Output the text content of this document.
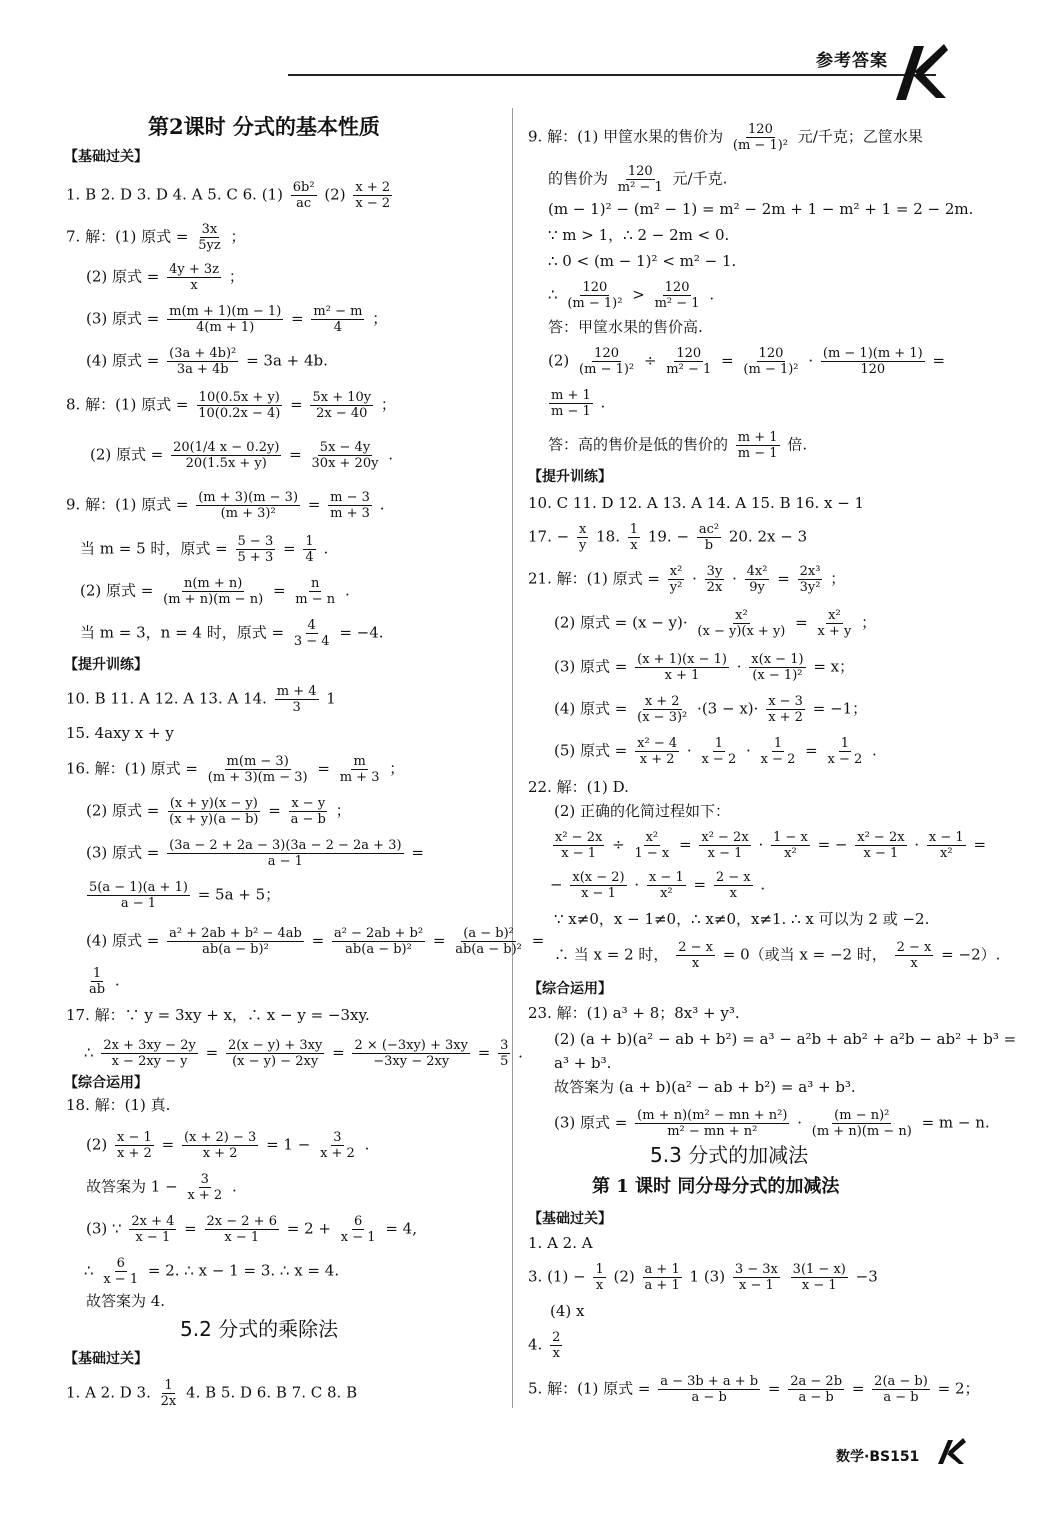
参考答案
第2课时 分式的基本性质
【基础过关】
1. B 2. D 3. D 4. A 5. C 6. $(1) \frac{\text{6b²}}{ac} (2) \frac{x + 2}{x - 2}$
7. 解：(1) 原式 = $\frac{3x}{5yz}$ ；
(2) 原式 = $\frac{4y + 3z}{x}$ ；
(3) 原式 = $\frac{m(m + 1)(m - 1)}{4(m + 1)} = \frac{\text{m² − m}}{4}$ ；
(4) 原式 = $\frac{\text{(3a + 4b)²}}{3a + 4b} = 3a + 4b$.
8. 解：(1) 原式 = $\frac{10(0.5x + y)}{10(0.2x - 4)} = \frac{5x + 10y}{2x - 40}$ ；
(2) 原式 = $\frac{20(1/4 x - 0.2y)}{20(1.5x + y)} = \frac{5x - 4y}{30x + 20y}$ .
9. 解：(1) 原式 = $\frac{(m + 3)(m - 3)}{\text{(m + 3)²}} = \frac{m - 3}{m + 3}$ .
当 m = 5 时，原式 = $\frac{5 - 3}{5 + 3} = \frac{1}{4}$ .
(2) 原式 = $\frac{n(m + n)}{(m + n)(m - n)} = \frac{n}{m - n}$ .
当 m = 3，n = 4 时，原式 = $\frac{4}{3 - 4} = -4$.
【提升训练】
10. B 11. A 12. A 13. A 14. $\frac{m + 4}{3} 1$
15. 4axy x + y
16. 解：(1) 原式 = $\frac{m(m - 3)}{(m + 3)(m - 3)} = \frac{m}{m + 3}$ ；
(2) 原式 = $\frac{(x + y)(x - y)}{(x + y)(a - b)} = \frac{x - y}{a - b}$ ；
(3) 原式 = $\frac{(3a - 2 + 2a - 3)(3a - 2 - 2a + 3)}{a - 1}$ =
$\frac{5(a - 1)(a + 1)}{a - 1} = 5a + 5$；
(4) 原式 = $\frac{\text{a² + 2ab + b² − 4ab}}{\text{ab(a − b)²}} = \frac{\text{a² − 2ab + b²}}{\text{ab(a − b)²}} = \frac{\text{(a − b)²}}{\text{ab(a − b)²}}$ =
$\frac{1}{ab}$ .
17. 解：∵ y = 3xy + x，∴ x − y = −3xy.
∴ $\frac{2x + 3xy - 2y}{x - 2xy - y} = \frac{2(x - y) + 3xy}{(x - y) - 2xy} = \frac{2 \times (-3xy) + 3xy}{-3xy - 2xy} = \frac{3}{5}$ .
【综合运用】
18. 解：(1) 真.
$(2) \frac{x - 1}{x + 2} = \frac{(x + 2) - 3}{x + 2} = 1 - \frac{3}{x + 2}$ .
故答案为 $1 - \frac{3}{x + 2}$ .
(3) ∵ $\frac{2x + 4}{x - 1} = \frac{2x - 2 + 6}{x - 1} = 2 + \frac{6}{x - 1} = 4$,
∴ $\frac{6}{x - 1} = 2$. ∴ x − 1 = 3. ∴ x = 4.
故答案为 4.
5.2 分式的乘除法
【基础过关】
1. A 2. D 3. $\frac{1}{2x} 4$. B 5. D 6. B 7. C 8. B
9. 解：(1) 甲筐水果的售价为 $\frac{120}{\text{(m − 1)²}}$ 元/千克；乙筐水果
的售价为 $\frac{120}{\text{m² − 1}}$ 元/千克.
(m − 1)² − (m² − 1) = m² − 2m + 1 − m² + 1 = 2 − 2m.
∵ m > 1，∴ 2 − 2m < 0.
∴ 0 < (m − 1)² < m² − 1.
∴ $\frac{120}{\text{(m − 1)²}} > \frac{120}{\text{m² − 1}}$ .
答：甲筐水果的售价高.
$(2) \frac{120}{\text{(m − 1)²}} \div \frac{120}{\text{m² − 1}} = \frac{120}{\text{(m − 1)²}} \cdot \frac{(m - 1)(m + 1)}{120}$ =
$\frac{m + 1}{m - 1}$ .
答：高的售价是低的售价的 $\frac{m + 1}{m - 1}$ 倍.
【提升训练】
10. C 11. D 12. A 13. A 14. A 15. B 16. x − 1
17. − $\frac{x}{y} 18$. $\frac{1}{x} 19$. − $\frac{\text{ac²}}{b} 20$. 2x − 3
21. 解：(1) 原式 = $\frac{\text{x²}}{\text{y²}} \cdot \frac{3y}{2x} \cdot \frac{\text{4x²}}{9y} = \frac{\text{2x³}}{\text{3y²}}$ ；
(2) 原式 = $(x - y)\cdot \frac{\text{x²}}{(x - y)(x + y)} = \frac{\text{x²}}{x + y}$ ；
(3) 原式 = $\frac{(x + 1)(x - 1)}{x + 1} \cdot \frac{x(x - 1)}{\text{(x − 1)²}} = x$；
(4) 原式 = $\frac{x + 2}{\text{(x − 3)²}} \cdot(3 - x)\cdot \frac{x - 3}{x + 2} = -1$；
(5) 原式 = $\frac{\text{x² − 4}}{x + 2} \cdot \frac{1}{x - 2} \cdot \frac{1}{x - 2} = \frac{1}{x - 2}$ .
22. 解：(1) D.
(2) 正确的化简过程如下：
$\frac{\text{x² − 2x}}{x - 1} \div \frac{\text{x²}}{1 - x} = \frac{\text{x² − 2x}}{x - 1} \cdot \frac{1 - x}{\text{x²}}$ = − $\frac{\text{x² − 2x}}{x - 1} \cdot \frac{x - 1}{\text{x²}}$ =
− $\frac{x(x - 2)}{x - 1} \cdot \frac{x - 1}{\text{x²}} = \frac{2 - x}{x}$ .
∵ x≠0，x − 1≠0，∴ x≠0，x≠1. ∴ x 可以为 2 或 −2.
∴ 当 x = 2 时， $\frac{2 - x}{x} = 0$（或当 x = −2 时， $\frac{2 - x}{x} = -2$）.
【综合运用】
23. 解：(1) a³ + 8；8x³ + y³.
(2) (a + b)(a² − ab + b²) = a³ − a²b + ab² + a²b − ab² + b³ =
a³ + b³.
故答案为 (a + b)(a² − ab + b²) = a³ + b³.
(3) 原式 = $\frac{\text{(m + n)(m² − mn + n²)}}{\text{m² − mn + n²}} \cdot \frac{\text{(m − n)²}}{(m + n)(m - n)} = m - n$.
5.3 分式的加减法
第 1 课时 同分母分式的加减法
【基础过关】
1. A 2. A
3. $(1) - \frac{1}{x} (2) \frac{a + 1}{a + 1} 1$ $(3) \frac{3 - 3x}{x - 1}$
$\frac{3(1 - x)}{x - 1} -3$
(4) x
4. $\frac{2}{x}$
5. 解：(1) 原式 = $\frac{a - 3b + a + b}{a - b} = \frac{2a - 2b}{a - b} = \frac{2(a - b)}{a - b} = 2$；
数学·BS151
